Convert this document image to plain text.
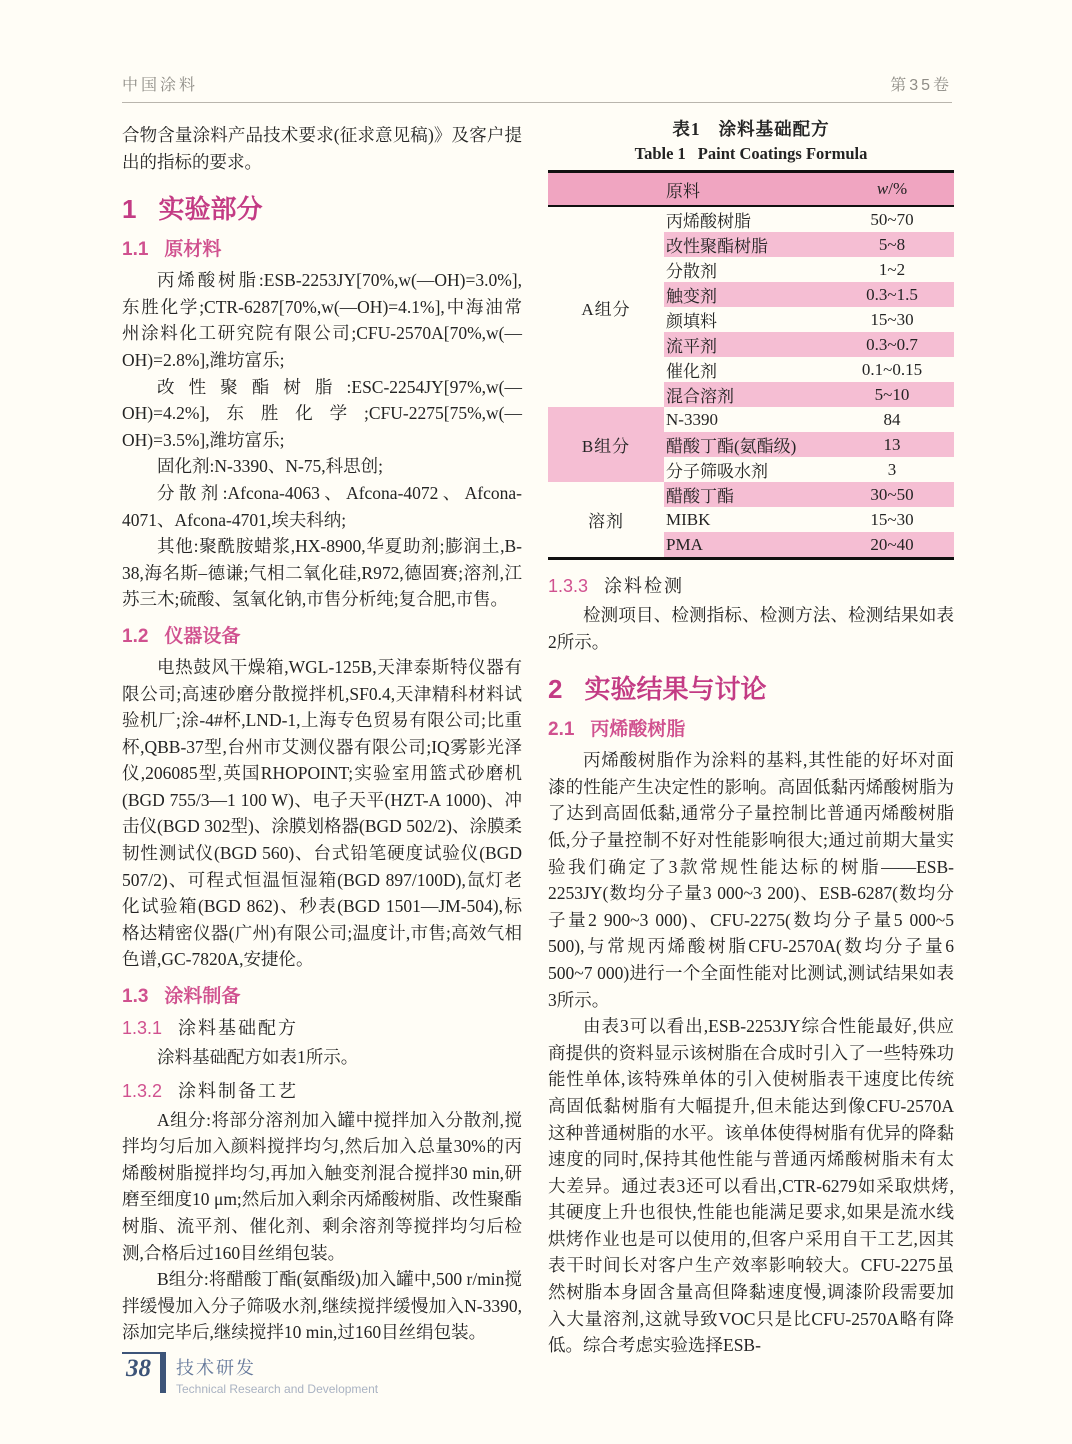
中国涂料	第35卷

合物含量涂料产品技术要求(征求意见稿)》及客户提出的指标的要求。

1 实验部分
1.1 原材料

丙烯酸树脂:ESB-2253JY[70%,w(—OH)=3.0%],东胜化学;CTR-6287[70%,w(—OH)=4.1%],中海油常州涂料化工研究院有限公司;CFU-2570A[70%,w(—OH)=2.8%],潍坊富乐;

改性聚酯树脂:ESC-2254JY[97%,w(—OH)=4.2%],东胜化学;CFU-2275[75%,w(—OH)=3.5%],潍坊富乐;

固化剂:N-3390、N-75,科思创;

分散剂:Afcona-4063、Afcona-4072、Afcona- 4071、Afcona-4701,埃夫科纳;

其他:聚酰胺蜡浆,HX-8900,华夏助剂;膨润土,B-38,海名斯–德谦;气相二氧化硅,R972,德固赛;溶剂,江苏三木;硫酸、氢氧化钠,市售分析纯;复合肥,市售。

1.2 仪器设备

电热鼓风干燥箱,WGL-125B,天津泰斯特仪器有限公司;高速砂磨分散搅拌机,SF0.4,天津精科材料试验机厂;涂-4#杯,LND-1,上海专色贸易有限公司;比重杯,QBB-37型,台州市艾测仪器有限公司;IQ雾影光泽仪,206085型,英国RHOPOINT;实验室用篮式砂磨机(BGD 755/3—1 100 W)、电子天平(HZT-A 1000)、冲击仪(BGD 302型)、涂膜划格器(BGD 502/2)、涂膜柔韧性测试仪(BGD 560)、台式铅笔硬度试验仪(BGD 507/2)、可程式恒温恒湿箱(BGD 897/100D),氙灯老化试验箱(BGD 862)、秒表(BGD 1501—JM-504),标格达精密仪器(广州)有限公司;温度计,市售;高效气相色谱,GC-7820A,安捷伦。

1.3 涂料制备
1.3.1 涂料基础配方

涂料基础配方如表1所示。

1.3.2 涂料制备工艺

A组分:将部分溶剂加入罐中搅拌加入分散剂,搅拌均匀后加入颜料搅拌均匀,然后加入总量30%的丙烯酸树脂搅拌均匀,再加入触变剂混合搅拌30 min,研磨至细度10 μm;然后加入剩余丙烯酸树脂、改性聚酯树脂、流平剂、催化剂、剩余溶剂等搅拌均匀后检测,合格后过160目丝绢包装。

B组分:将醋酸丁酯(氨酯级)加入罐中,500 r/min搅拌缓慢加入分子筛吸水剂,继续搅拌缓慢加入N-3390,添加完毕后,继续搅拌10 min,过160目丝绢包装。

表1 涂料基础配方
Table 1 Paint Coatings Formula
	原料	w/%
A组分	丙烯酸树脂	50~70
	改性聚酯树脂	5~8
	分散剂	1~2
	触变剂	0.3~1.5
	颜填料	15~30
	流平剂	0.3~0.7
	催化剂	0.1~0.15
	混合溶剂	5~10
B组分	N-3390	84
	醋酸丁酯(氨酯级)	13
	分子筛吸水剂	3
溶剂	醋酸丁酯	30~50
	MIBK	15~30
	PMA	20~40
1.3.3 涂料检测

检测项目、检测指标、检测方法、检测结果如表2所示。

2 实验结果与讨论
2.1 丙烯酸树脂

丙烯酸树脂作为涂料的基料,其性能的好坏对面漆的性能产生决定性的影响。高固低黏丙烯酸树脂为了达到高固低黏,通常分子量控制比普通丙烯酸树脂低,分子量控制不好对性能影响很大;通过前期大量实验我们确定了3款常规性能达标的树脂——ESB-2253JY(数均分子量3 000~3 200)、ESB-6287(数均分子量2 900~3 000)、CFU-2275(数均分子量5 000~5 500),与常规丙烯酸树脂CFU-2570A(数均分子量6 500~7 000)进行一个全面性能对比测试,测试结果如表3所示。

由表3可以看出,ESB-2253JY综合性能最好,供应商提供的资料显示该树脂在合成时引入了一些特殊功能性单体,该特殊单体的引入使树脂表干速度比传统高固低黏树脂有大幅提升,但未能达到像CFU-2570A这种普通树脂的水平。该单体使得树脂有优异的降黏速度的同时,保持其他性能与普通丙烯酸树脂未有太大差异。通过表3还可以看出,CTR-6279如采取烘烤,其硬度上升也很快,性能也能满足要求,如果是流水线烘烤作业也是可以使用的,但客户采用自干工艺,因其表干时间长对客户生产效率影响较大。CFU-2275虽然树脂本身固含量高但降黏速度慢,调漆阶段需要加入大量溶剂,这就导致VOC只是比CFU-2570A略有降低。综合考虑实验选择ESB-

38	技术研发
Technical Research and Development
